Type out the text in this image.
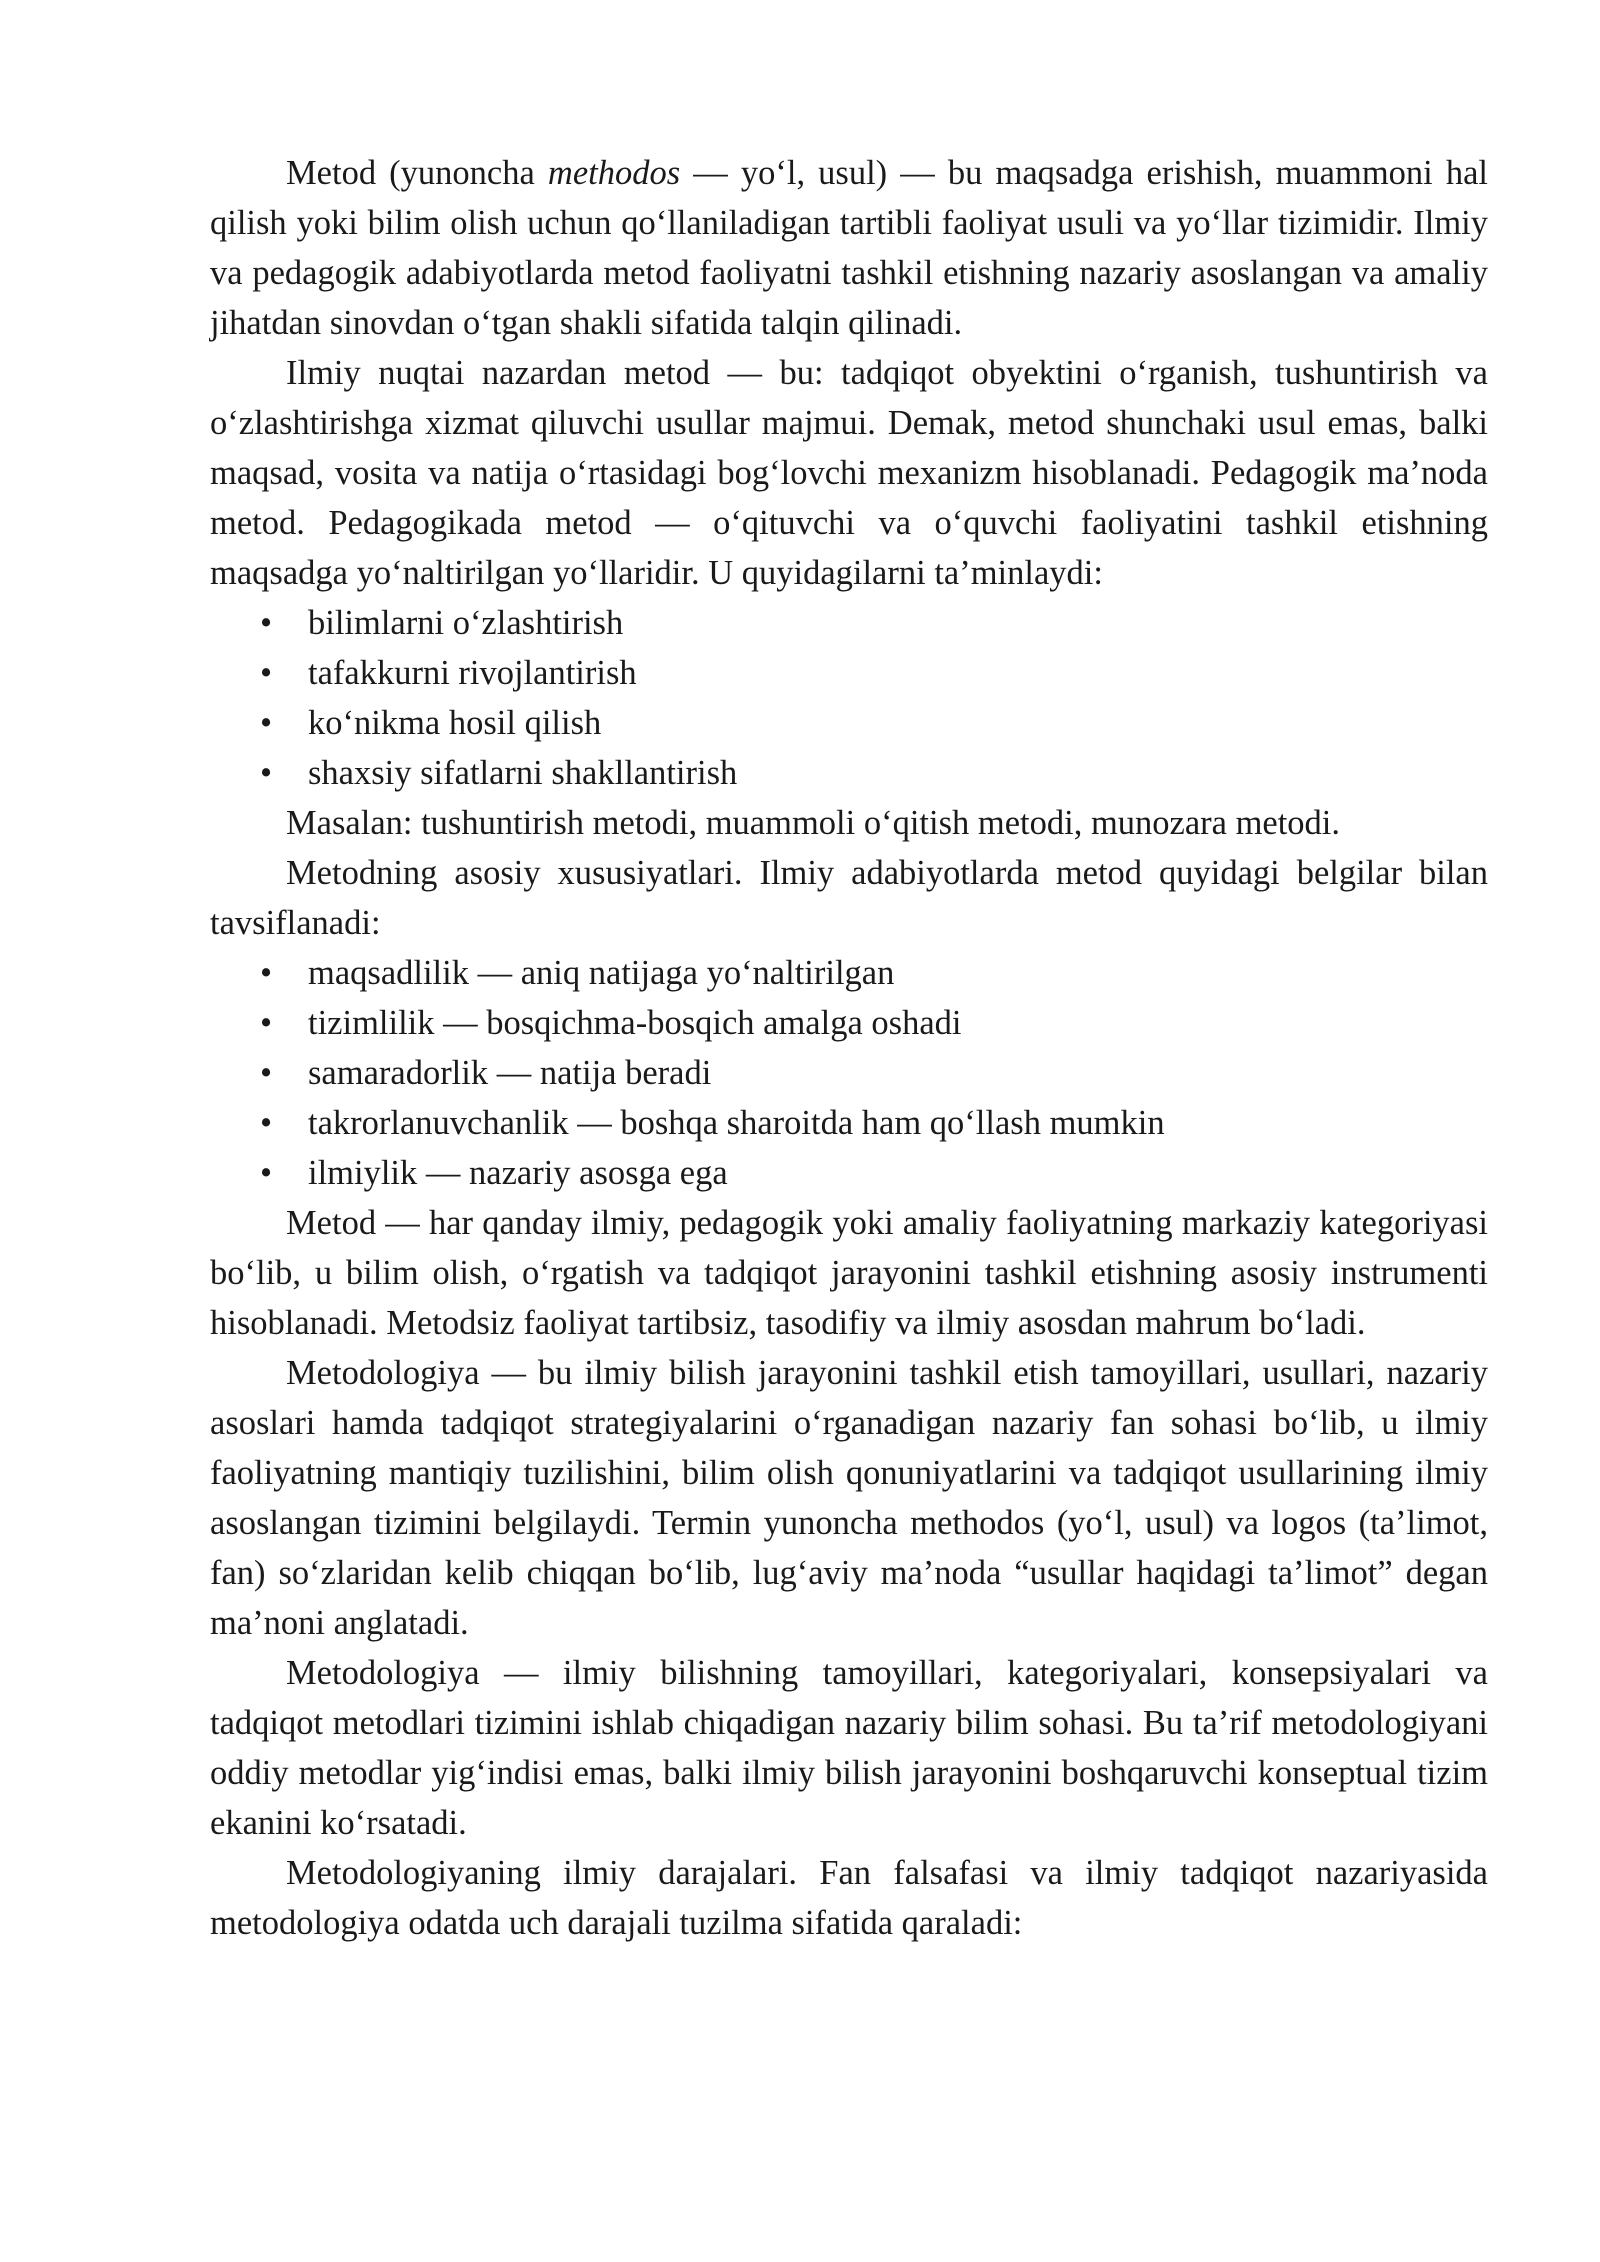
Metod (yunoncha methodos — yo‘l, usul) — bu maqsadga erishish, muammoni hal qilish yoki bilim olish uchun qo‘llaniladigan tartibli faoliyat usuli va yo‘llar tizimidir. Ilmiy va pedagogik adabiyotlarda metod faoliyatni tashkil etishning nazariy asoslangan va amaliy jihatdan sinovdan o‘tgan shakli sifatida talqin qilinadi.

Ilmiy nuqtai nazardan metod — bu: tadqiqot obyektini o‘rganish, tushuntirish va o‘zlashtirishga xizmat qiluvchi usullar majmui. Demak, metod shunchaki usul emas, balki maqsad, vosita va natija o‘rtasidagi bog‘lovchi mexanizm hisoblanadi. Pedagogik ma’noda metod. Pedagogikada metod — o‘qituvchi va o‘quvchi faoliyatini tashkil etishning maqsadga yo‘naltirilgan yo‘llaridir. U quyidagilarni ta’minlaydi:

•
bilimlarni o‘zlashtirish
•
tafakkurni rivojlantirish
•
ko‘nikma hosil qilish
•
shaxsiy sifatlarni shakllantirish

Masalan: tushuntirish metodi, muammoli o‘qitish metodi, munozara metodi.

Metodning asosiy xususiyatlari. Ilmiy adabiyotlarda metod quyidagi belgilar bilan tavsiflanadi:

•
maqsadlilik — aniq natijaga yo‘naltirilgan
•
tizimlilik — bosqichma-bosqich amalga oshadi
•
samaradorlik — natija beradi
•
takrorlanuvchanlik — boshqa sharoitda ham qo‘llash mumkin
•
ilmiylik — nazariy asosga ega

Metod — har qanday ilmiy, pedagogik yoki amaliy faoliyatning markaziy kategoriyasi bo‘lib, u bilim olish, o‘rgatish va tadqiqot jarayonini tashkil etishning asosiy instrumenti hisoblanadi. Metodsiz faoliyat tartibsiz, tasodifiy va ilmiy asosdan mahrum bo‘ladi.

Metodologiya — bu ilmiy bilish jarayonini tashkil etish tamoyillari, usullari, nazariy asoslari hamda tadqiqot strategiyalarini o‘rganadigan nazariy fan sohasi bo‘lib, u ilmiy faoliyatning mantiqiy tuzilishini, bilim olish qonuniyatlarini va tadqiqot usullarining ilmiy asoslangan tizimini belgilaydi. Termin yunoncha methodos (yo‘l, usul) va logos (ta’limot, fan) so‘zlaridan kelib chiqqan bo‘lib, lug‘aviy ma’noda “usullar haqidagi ta’limot” degan ma’noni anglatadi.

Metodologiya — ilmiy bilishning tamoyillari, kategoriyalari, konsepsiyalari va tadqiqot metodlari tizimini ishlab chiqadigan nazariy bilim sohasi. Bu ta’rif metodologiyani oddiy metodlar yig‘indisi emas, balki ilmiy bilish jarayonini boshqaruvchi konseptual tizim ekanini ko‘rsatadi.

Metodologiyaning ilmiy darajalari. Fan falsafasi va ilmiy tadqiqot nazariyasida metodologiya odatda uch darajali tuzilma sifatida qaraladi:
